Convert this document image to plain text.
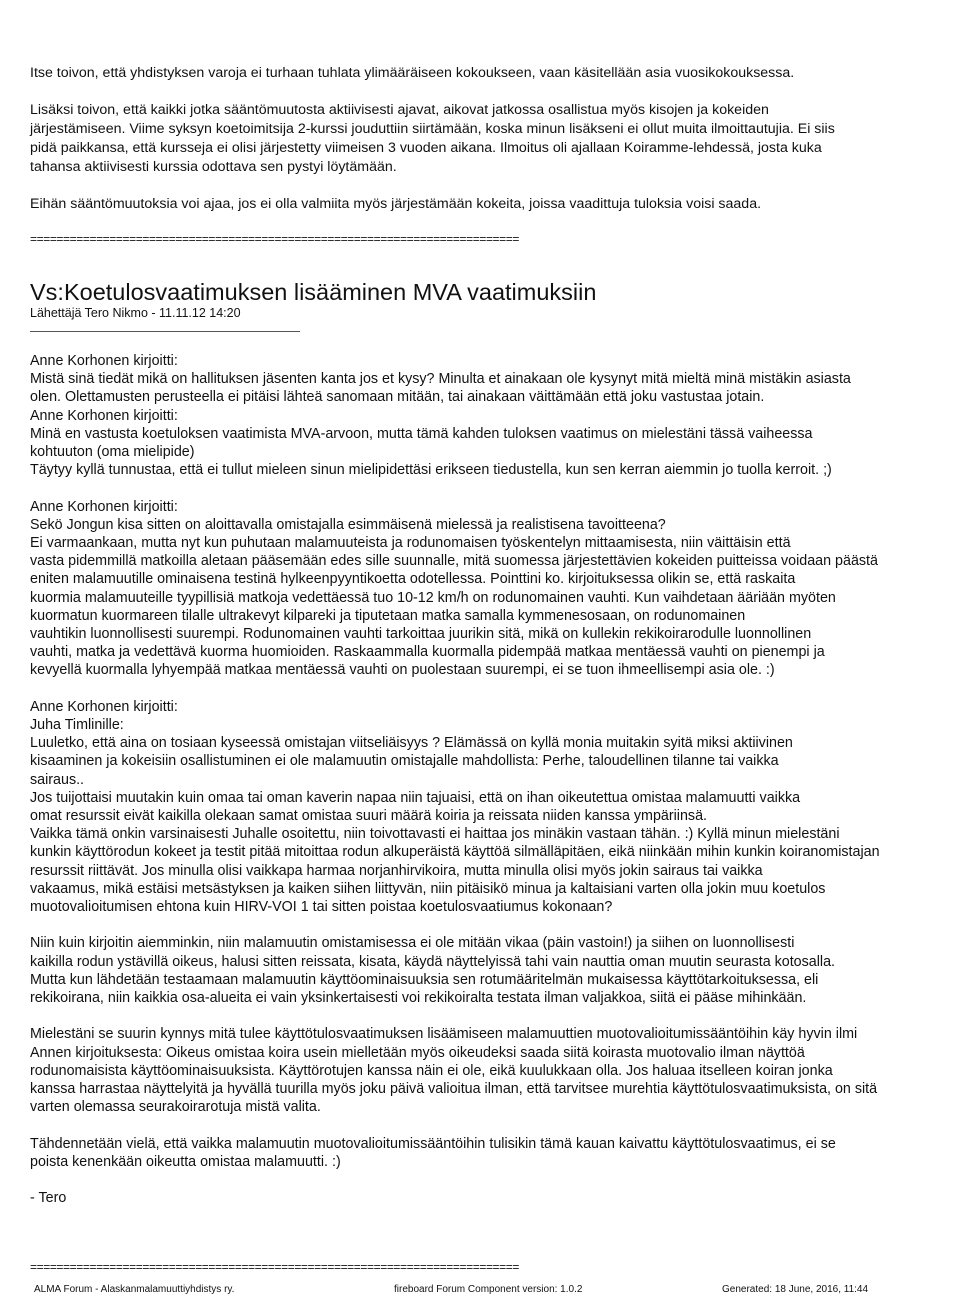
Itse toivon, että yhdistyksen varoja ei turhaan tuhlata ylimääräiseen kokoukseen, vaan käsitellään asia vuosikokouksessa.

Lisäksi toivon, että kaikki jotka sääntömuutosta aktiivisesti ajavat, aikovat jatkossa osallistua myös kisojen ja kokeiden

järjestämiseen. Viime syksyn koetoimitsija 2-kurssi jouduttiin siirtämään, koska minun lisäkseni ei ollut muita ilmoittautujia. Ei siis

pidä paikkansa, että kursseja ei olisi järjestetty viimeisen 3 vuoden aikana. Ilmoitus oli ajallaan Koiramme-lehdessä, josta kuka

tahansa aktiivisesti kurssia odottava sen pystyi löytämään.

Eihän sääntömuutoksia voi ajaa, jos ei olla valmiita myös järjestämään kokeita, joissa vaadittuja tuloksia voisi saada.

==========================================================================
Vs:Koetulosvaatimuksen lisääminen MVA vaatimuksiin
Lähettäjä Tero Nikmo - 11.11.12 14:20

Anne Korhonen kirjoitti:

Mistä sinä tiedät mikä on hallituksen jäsenten kanta jos et kysy? Minulta et ainakaan ole kysynyt mitä mieltä minä mistäkin asiasta

olen. Olettamusten perusteella ei pitäisi lähteä sanomaan mitään, tai ainakaan väittämään että joku vastustaa jotain.

Anne Korhonen kirjoitti:

Minä en vastusta koetuloksen vaatimista MVA-arvoon, mutta tämä kahden tuloksen vaatimus on mielestäni tässä vaiheessa

kohtuuton (oma mielipide)

Täytyy kyllä tunnustaa, että ei tullut mieleen sinun mielipidettäsi erikseen tiedustella, kun sen kerran aiemmin jo tuolla kerroit. ;)

Anne Korhonen kirjoitti:

Sekö Jongun kisa sitten on aloittavalla omistajalla esimmäisenä mielessä ja realistisena tavoitteena?

Ei varmaankaan, mutta nyt kun puhutaan malamuuteista ja rodunomaisen työskentelyn mittaamisesta, niin väittäisin että

vasta pidemmillä matkoilla aletaan pääsemään edes sille suunnalle, mitä suomessa järjestettävien kokeiden puitteissa voidaan päästä

eniten malamuutille ominaisena testinä hylkeenpyyntikoetta odotellessa. Pointtini ko. kirjoituksessa olikin se, että raskaita

kuormia malamuuteille tyypillisiä matkoja vedettäessä tuo 10-12 km/h on rodunomainen vauhti. Kun vaihdetaan ääriään myöten

kuormatun kuormareen tilalle ultrakevyt kilpareki ja tiputetaan matka samalla kymmenesosaan, on rodunomainen

vauhtikin luonnollisesti suurempi. Rodunomainen vauhti tarkoittaa juurikin sitä, mikä on kullekin rekikoirarodulle luonnollinen

vauhti, matka ja vedettävä kuorma huomioiden. Raskaammalla kuormalla pidempää matkaa mentäessä vauhti on pienempi ja

kevyellä kuormalla lyhyempää matkaa mentäessä vauhti on puolestaan suurempi, ei se tuon ihmeellisempi asia ole. :)

Anne Korhonen kirjoitti:

Juha Timlinille:

Luuletko, että aina on tosiaan kyseessä omistajan viitseliäisyys ? Elämässä on kyllä monia muitakin syitä miksi aktiivinen

kisaaminen ja kokeisiin osallistuminen ei ole malamuutin omistajalle mahdollista: Perhe, taloudellinen tilanne tai vaikka

sairaus..

Jos tuijottaisi muutakin kuin omaa tai oman kaverin napaa niin tajuaisi, että on ihan oikeutettua omistaa malamuutti vaikka

omat resurssit eivät kaikilla olekaan samat omistaa suuri määrä koiria ja reissata niiden kanssa ympäriinsä.

Vaikka tämä onkin varsinaisesti Juhalle osoitettu, niin toivottavasti ei haittaa jos minäkin vastaan tähän. :) Kyllä minun mielestäni

kunkin käyttörodun kokeet ja testit pitää mitoittaa rodun alkuperäistä käyttöä silmälläpitäen, eikä niinkään mihin kunkin koiranomistajan

resurssit riittävät. Jos minulla olisi vaikkapa harmaa norjanhirvikoira, mutta minulla olisi myös jokin sairaus tai vaikka

vakaamus, mikä estäisi metsästyksen ja kaiken siihen liittyvän, niin pitäisikö minua ja kaltaisiani varten olla jokin muu koetulos

muotovalioitumisen ehtona kuin HIRV-VOI 1 tai sitten poistaa koetulosvaatiumus kokonaan?

Niin kuin kirjoitin aiemminkin, niin malamuutin omistamisessa ei ole mitään vikaa (päin vastoin!) ja siihen on luonnollisesti

kaikilla rodun ystävillä oikeus, halusi sitten reissata, kisata, käydä näyttelyissä tahi vain nauttia oman muutin seurasta kotosalla.

Mutta kun lähdetään testaamaan malamuutin käyttöominaisuuksia sen rotumääritelmän mukaisessa käyttötarkoituksessa, eli

rekikoirana, niin kaikkia osa-alueita ei vain yksinkertaisesti voi rekikoiralta testata ilman valjakkoa, siitä ei pääse mihinkään.

Mielestäni se suurin kynnys mitä tulee käyttötulosvaatimuksen lisäämiseen malamuuttien muotovalioitumissääntöihin käy hyvin ilmi

Annen kirjoituksesta: Oikeus omistaa koira usein mielletään myös oikeudeksi saada siitä koirasta muotovalio ilman näyttöä

rodunomaisista käyttöominaisuuksista. Käyttörotujen kanssa näin ei ole, eikä kuulukkaan olla. Jos haluaa itselleen koiran jonka

kanssa harrastaa näyttelyitä ja hyvällä tuurilla myös joku päivä valioitua ilman, että tarvitsee murehtia käyttötulosvaatimuksista, on sitä

varten olemassa seurakoirarotuja mistä valita.

Tähdennetään vielä, että vaikka malamuutin muotovalioitumissääntöihin tulisikin tämä kauan kaivattu käyttötulosvaatimus, ei se

poista kenenkään oikeutta omistaa malamuutti. :)

- Tero

==========================================================================
ALMA Forum - Alaskanmalamuuttiyhdistys ry.	fireboard Forum Component version: 1.0.2	Generated: 18 June, 2016, 11:44
